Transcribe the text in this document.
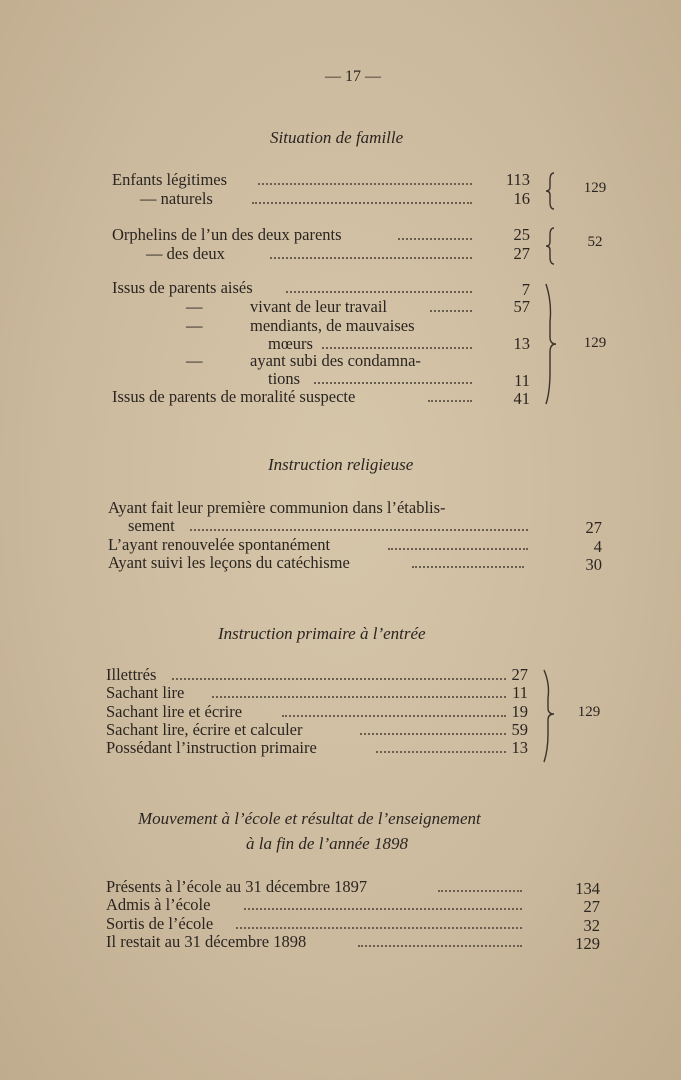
— 17 —
Situation de famille
Enfants légitimes	113
— naturels	16
129
Orphelins de l’un des deux parents	25
— des deux	27
52
Issus de parents aisés	7
—	vivant de leur travail	57
—	mendiants, de mauvaises
mœurs	13
—	ayant subi des condamna-
tions	11
Issus de parents de moralité suspecte	41
129
Instruction religieuse
Ayant fait leur première communion dans l’établis-
sement	27
L’ayant renouvelée spontanément	4
Ayant suivi les leçons du catéchisme	30
Instruction primaire à l’entrée
Illettrés	27
Sachant lire	11
Sachant lire et écrire	19
Sachant lire, écrire et calculer	59
Possédant l’instruction primaire	13
129
Mouvement à l’école et résultat de l’enseignement
à la fin de l’année 1898
Présents à l’école au 31 décembre 1897	134
Admis à l’école	27
Sortis de l’école	32
Il restait au 31 décembre 1898	129
